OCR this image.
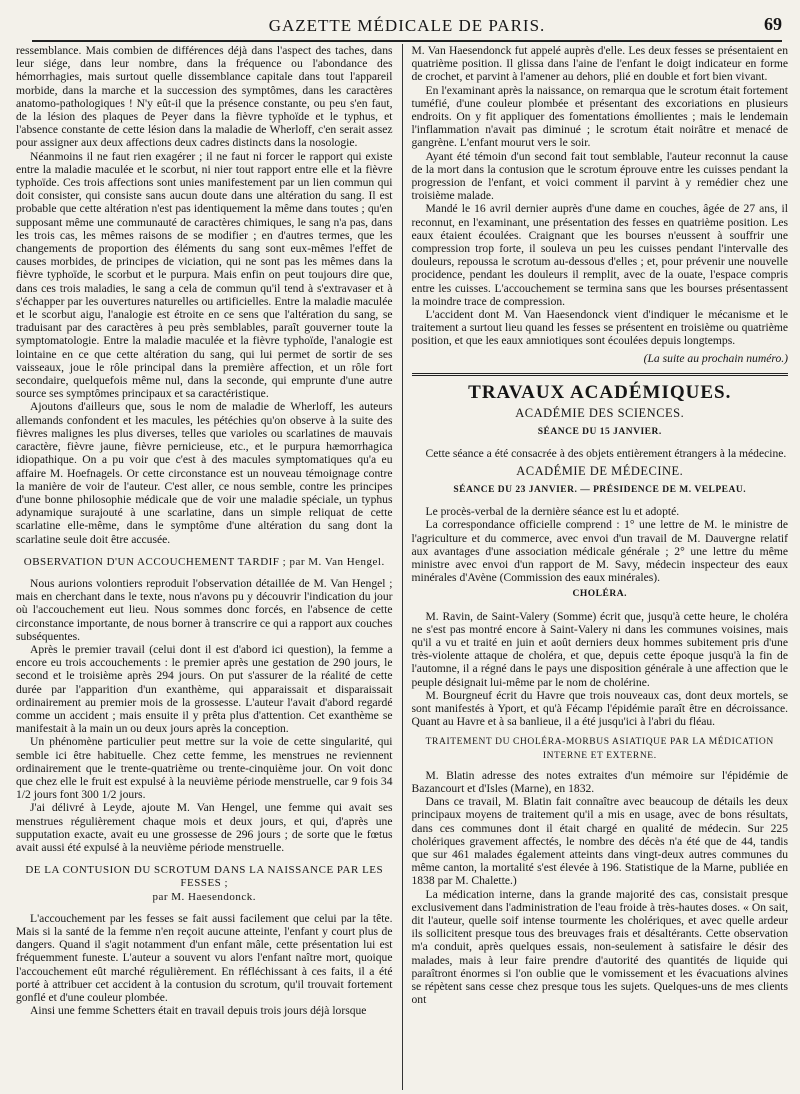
GAZETTE MÉDICALE DE PARIS.	69

ressemblance. Mais combien de différences déjà dans l'aspect des taches, dans leur siége, dans leur nombre, dans la fréquence ou l'abondance des hémorrhagies, mais surtout quelle dissemblance capitale dans tout l'appareil morbide, dans la marche et la succession des symptômes, dans les caractères anatomo-pathologiques ! N'y eût-il que la présence constante, ou peu s'en faut, de la lésion des plaques de Peyer dans la fièvre typhoïde et le typhus, et l'absence constante de cette lésion dans la maladie de Wherloff, c'en serait assez pour assigner aux deux affections deux cadres distincts dans la nosologie.

Néanmoins il ne faut rien exagérer ; il ne faut ni forcer le rapport qui existe entre la maladie maculée et le scorbut, ni nier tout rapport entre elle et la fièvre typhoïde. Ces trois affections sont unies manifestement par un lien commun qui doit consister, qui consiste sans aucun doute dans une altération du sang. Il est probable que cette altération n'est pas identiquement la même dans toutes ; qu'en supposant même une communauté de caractères chimiques, le sang n'a pas, dans les trois cas, les mêmes raisons de se modifier ; en d'autres termes, que les changements de proportion des éléments du sang sont eux-mêmes l'effet de causes morbides, de principes de viciation, qui ne sont pas les mêmes dans la fièvre typhoïde, le scorbut et le purpura. Mais enfin on peut toujours dire que, dans ces trois maladies, le sang a cela de commun qu'il tend à s'extravaser et à s'échapper par les ouvertures naturelles ou artificielles. Entre la maladie maculée et le scorbut aigu, l'analogie est étroite en ce sens que l'altération du sang, se traduisant par des caractères à peu près semblables, paraît gouverner toute la symptomatologie. Entre la maladie maculée et la fièvre typhoïde, l'analogie est lointaine en ce que cette altération du sang, qui lui permet de sortir de ses vaisseaux, joue le rôle principal dans la première affection, et un rôle fort secondaire, quelquefois même nul, dans la seconde, qui emprunte d'une autre source ses symptômes principaux et sa caractéristique.

Ajoutons d'ailleurs que, sous le nom de maladie de Wherloff, les auteurs allemands confondent et les macules, les pétéchies qu'on observe à la suite des fièvres malignes les plus diverses, telles que varioles ou scarlatines de mauvais caractère, fièvre jaune, fièvre pernicieuse, etc., et le purpura hæmorrhagica idiopathique. On a pu voir que c'est à des macules symptomatiques qu'a eu affaire M. Hoefnagels. Or cette circonstance est un nouveau témoignage contre la manière de voir de l'auteur. C'est aller, ce nous semble, contre les principes d'une bonne philosophie médicale que de voir une maladie spéciale, un typhus adynamique surajouté à une scarlatine, dans un simple reliquat de cette scarlatine elle-même, dans le symptôme d'une altération du sang dont la scarlatine seule doit être accusée.

OBSERVATION D'UN ACCOUCHEMENT TARDIF ; par M. Van Hengel.

Nous aurions volontiers reproduit l'observation détaillée de M. Van Hengel ; mais en cherchant dans le texte, nous n'avons pu y découvrir l'indication du jour où l'accouchement eut lieu. Nous sommes donc forcés, en l'absence de cette circonstance importante, de nous borner à transcrire ce qui a rapport aux couches subséquentes.

Après le premier travail (celui dont il est d'abord ici question), la femme a encore eu trois accouchements : le premier après une gestation de 290 jours, le second et le troisième après 294 jours. On put s'assurer de la réalité de cette durée par l'apparition d'un exanthème, qui apparaissait et disparaissait ordinairement au premier mois de la grossesse. L'auteur l'avait d'abord regardé comme un accident ; mais ensuite il y prêta plus d'attention. Cet exanthème se manifestait à la main un ou deux jours après la conception.

Un phénomène particulier peut mettre sur la voie de cette singularité, qui semble ici être habituelle. Chez cette femme, les menstrues ne reviennent ordinairement que le trente-quatrième ou trente-cinquième jour. On voit donc que chez elle le fruit est expulsé à la neuvième période menstruelle, car 9 fois 34 1/2 jours font 300 1/2 jours.

J'ai délivré à Leyde, ajoute M. Van Hengel, une femme qui avait ses menstrues régulièrement chaque mois et deux jours, et qui, d'après une supputation exacte, avait eu une grossesse de 296 jours ; de sorte que le fœtus avait aussi été expulsé à la neuvième période menstruelle.

DE LA CONTUSION DU SCROTUM DANS LA NAISSANCE PAR LES FESSES ;
par M. Haesendonck.

L'accouchement par les fesses se fait aussi facilement que celui par la tête. Mais si la santé de la femme n'en reçoit aucune atteinte, l'enfant y court plus de dangers. Quand il s'agit notamment d'un enfant mâle, cette présentation lui est fréquemment funeste. L'auteur a souvent vu alors l'enfant naître mort, quoique l'accouchement eût marché régulièrement. En réfléchissant à ces faits, il a été porté à attribuer cet accident à la contusion du scrotum, qu'il trouvait fortement gonflé et d'une couleur plombée.

Ainsi une femme Schetters était en travail depuis trois jours déjà lorsque

M. Van Haesendonck fut appelé auprès d'elle. Les deux fesses se présentaient en quatrième position. Il glissa dans l'aine de l'enfant le doigt indicateur en forme de crochet, et parvint à l'amener au dehors, plié en double et fort bien vivant.

En l'examinant après la naissance, on remarqua que le scrotum était fortement tuméfié, d'une couleur plombée et présentant des excoriations en plusieurs endroits. On y fit appliquer des fomentations émollientes ; mais le lendemain l'inflammation n'avait pas diminué ; le scrotum était noirâtre et menacé de gangrène. L'enfant mourut vers le soir.

Ayant été témoin d'un second fait tout semblable, l'auteur reconnut la cause de la mort dans la contusion que le scrotum éprouve entre les cuisses pendant la progression de l'enfant, et voici comment il parvint à y remédier chez une troisième malade.

Mandé le 16 avril dernier auprès d'une dame en couches, âgée de 27 ans, il reconnut, en l'examinant, une présentation des fesses en quatrième position. Les eaux étaient écoulées. Craignant que les bourses n'eussent à souffrir une compression trop forte, il souleva un peu les cuisses pendant l'intervalle des douleurs, repoussa le scrotum au-dessous d'elles ; et, pour prévenir une nouvelle procidence, pendant les douleurs il remplit, avec de la ouate, l'espace compris entre les cuisses. L'accouchement se termina sans que les bourses présentassent la moindre trace de compression.

L'accident dont M. Van Haesendonck vient d'indiquer le mécanisme et le traitement a surtout lieu quand les fesses se présentent en troisième ou quatrième position, et que les eaux amniotiques sont écoulées depuis longtemps.

(La suite au prochain numéro.)

TRAVAUX ACADÉMIQUES.
ACADÉMIE DES SCIENCES.
SÉANCE DU 15 JANVIER.

Cette séance a été consacrée à des objets entièrement étrangers à la médecine.

ACADÉMIE DE MÉDECINE.
SÉANCE DU 23 JANVIER. — PRÉSIDENCE DE M. VELPEAU.

Le procès-verbal de la dernière séance est lu et adopté.

La correspondance officielle comprend : 1° une lettre de M. le ministre de l'agriculture et du commerce, avec envoi d'un travail de M. Dauvergne relatif aux avantages d'une association médicale générale ; 2° une lettre du même ministre avec envoi d'un rapport de M. Savy, médecin inspecteur des eaux minérales d'Avène (Commission des eaux minérales).

CHOLÉRA.

M. Ravin, de Saint-Valery (Somme) écrit que, jusqu'à cette heure, le choléra ne s'est pas montré encore à Saint-Valery ni dans les communes voisines, mais qu'il a vu et traité en juin et août derniers deux hommes subitement pris d'une très-violente attaque de choléra, et que, depuis cette époque jusqu'à la fin de l'automne, il a régné dans le pays une disposition générale à une affection que le peuple désignait lui-même par le nom de cholérine.

M. Bourgneuf écrit du Havre que trois nouveaux cas, dont deux mortels, se sont manifestés à Yport, et qu'à Fécamp l'épidémie paraît être en décroissance. Quant au Havre et à sa banlieue, il a été jusqu'ici à l'abri du fléau.

TRAITEMENT DU CHOLÉRA-MORBUS ASIATIQUE PAR LA MÉDICATION INTERNE ET EXTERNE.

M. Blatin adresse des notes extraites d'un mémoire sur l'épidémie de Bazancourt et d'Isles (Marne), en 1832.

Dans ce travail, M. Blatin fait connaître avec beaucoup de détails les deux principaux moyens de traitement qu'il a mis en usage, avec de bons résultats, dans ces communes dont il était chargé en qualité de médecin. Sur 225 cholériques gravement affectés, le nombre des décès n'a été que de 44, tandis que sur 461 malades également atteints dans vingt-deux autres communes du même canton, la mortalité s'est élevée à 196. Statistique de la Marne, publiée en 1838 par M. Chalette.)

La médication interne, dans la grande majorité des cas, consistait presque exclusivement dans l'administration de l'eau froide à très-hautes doses. « On sait, dit l'auteur, quelle soif intense tourmente les cholériques, et avec quelle ardeur ils sollicitent presque tous des breuvages frais et désaltérants. Cette observation m'a conduit, après quelques essais, non-seulement à satisfaire le désir des malades, mais à leur faire prendre d'autorité des quantités de liquide qui paraîtront énormes si l'on oublie que le vomissement et les évacuations alvines se répètent sans cesse chez presque tous les sujets. Quelques-uns de mes clients ont
